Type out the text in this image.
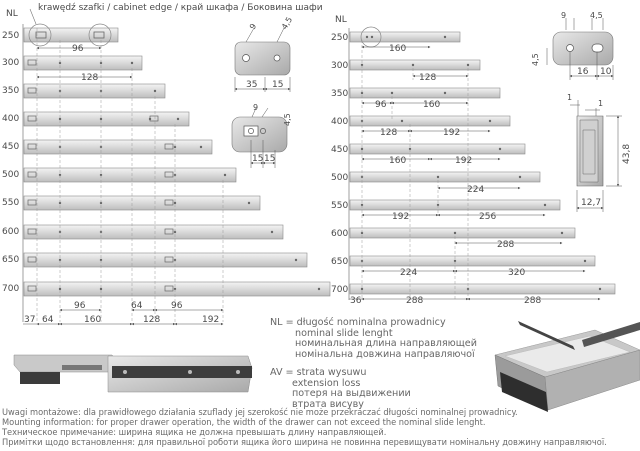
NL
krawędź szafki / cabinet edge / край шкафа / Боковина шафи
250
300
350
400
450
500
550
600
650
700
96
128
96	64	96
37 64	160	128	192
9	4,5
35 15
9
4,5
15 15
NL
250
300
350
400
450
500
550
600
650
700
160
128
96	160
128	192
160	192
224
192	256
288
224	320
36	288	288
9	4,5
4,5
16 10
1
1
43,8
12,7
NL = długość nominalna prowadnicy
nominal slide lenght
номинальная длина направляющей
номінальна довжина направляючої
AV = strata wysuwu
extension loss
потеря на выдвижении
втрата висуву
Uwagi montażowe: dla prawidłowego działania szuflady jej szerokość nie może przekraczać długości nominalnej prowadnicy.
Mounting information: for proper drawer operation, the width of the drawer can not exceed the nominal slide lenght.
Техническое примечание: ширина ящика не должна превышать длину направляющей.
Примітки щодо встановлення: для правильної роботи ящика його ширина не повинна перевищувати номінальну довжину направляючої.
